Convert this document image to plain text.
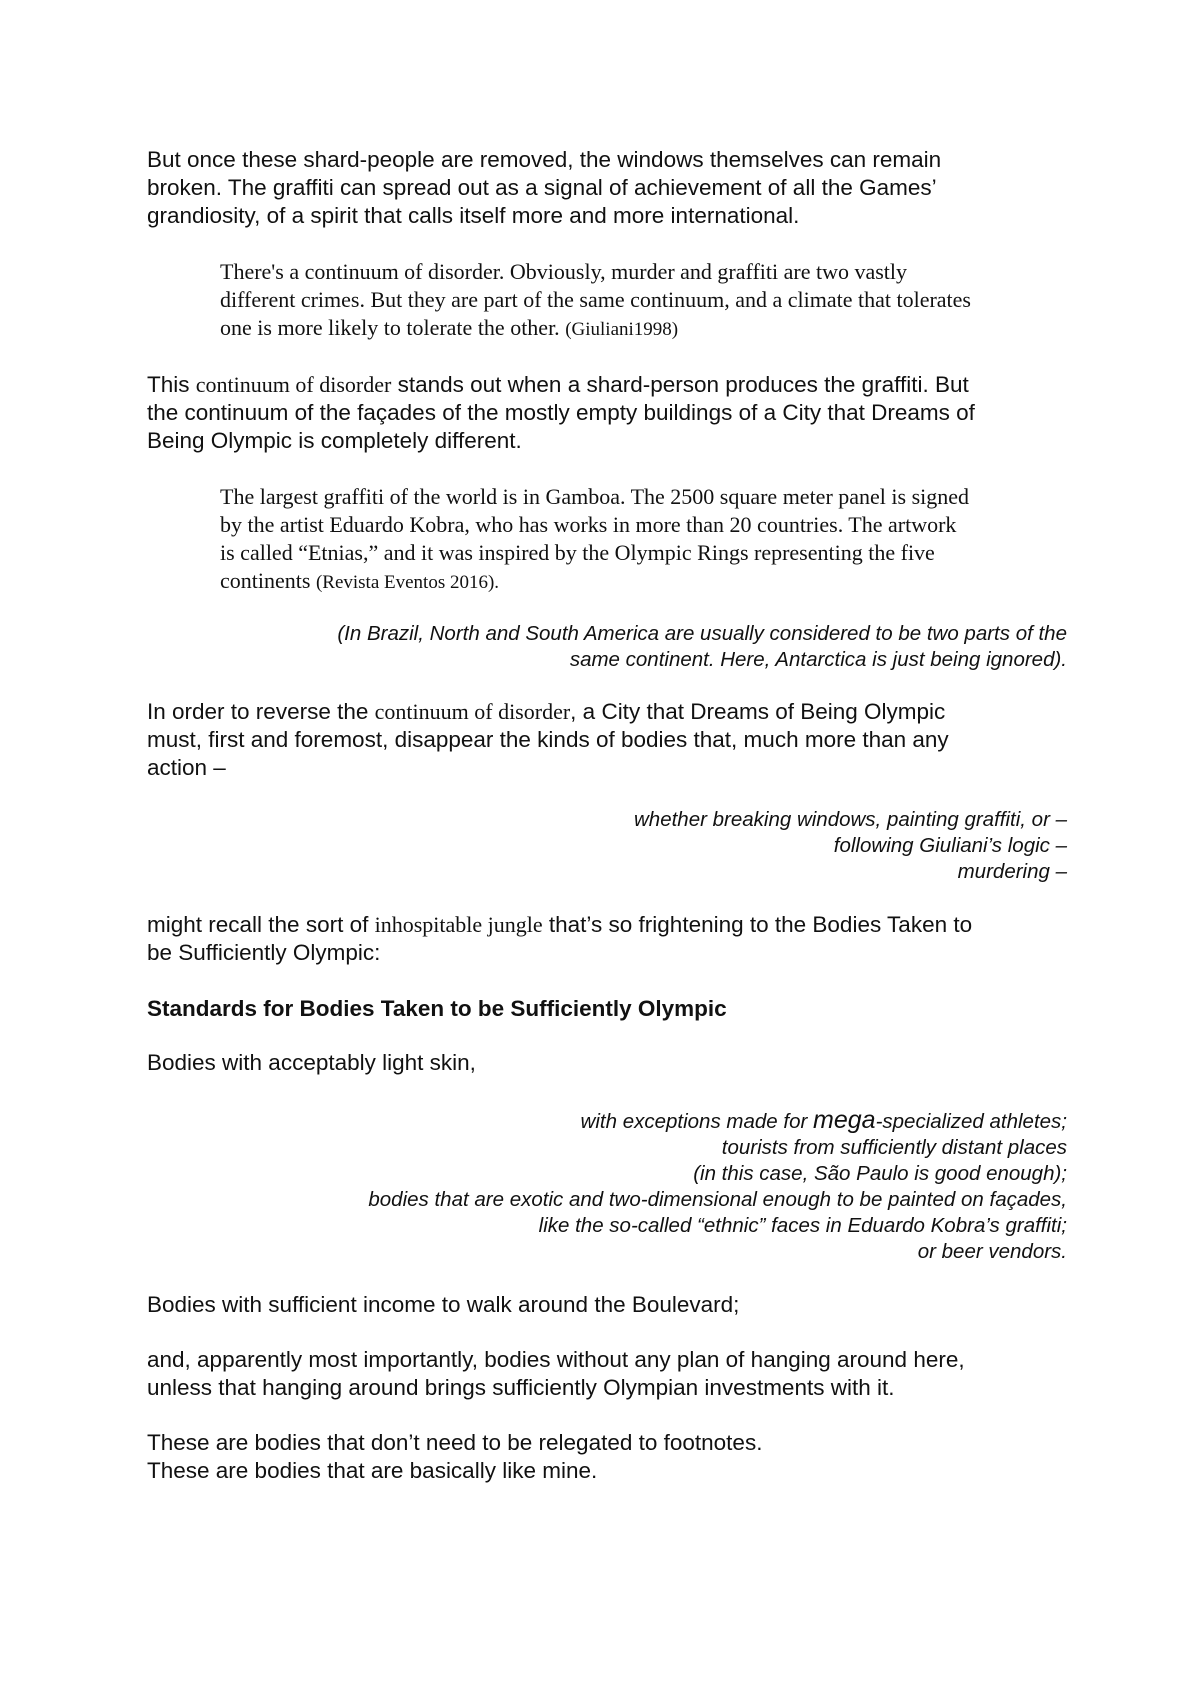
But once these shard-people are removed, the windows themselves can remain
broken. The graffiti can spread out as a signal of achievement of all the Games’
grandiosity, of a spirit that calls itself more and more international.

There's a continuum of disorder. Obviously, murder and graffiti are two vastly
different crimes. But they are part of the same continuum, and a climate that tolerates
one is more likely to tolerate the other. (Giuliani1998)

This continuum of disorder stands out when a shard-person produces the graffiti. But
the continuum of the façades of the mostly empty buildings of a City that Dreams of
Being Olympic is completely different.

The largest graffiti of the world is in Gamboa. The 2500 square meter panel is signed
by the artist Eduardo Kobra, who has works in more than 20 countries. The artwork
is called “Etnias,” and it was inspired by the Olympic Rings representing the five
continents (Revista Eventos 2016).
(In Brazil, North and South America are usually considered to be two parts of the
same continent. Here, Antarctica is just being ignored).

In order to reverse the continuum of disorder, a City that Dreams of Being Olympic
must, first and foremost, disappear the kinds of bodies that, much more than any
action –

whether breaking windows, painting graffiti, or –
following Giuliani’s logic –
murdering –

might recall the sort of inhospitable jungle that’s so frightening to the Bodies Taken to
be Sufficiently Olympic:

Standards for Bodies Taken to be Sufficiently Olympic

Bodies with acceptably light skin,

with exceptions made for mega-specialized athletes;
tourists from sufficiently distant places
(in this case, São Paulo is good enough);
bodies that are exotic and two-dimensional enough to be painted on façades,
like the so-called “ethnic” faces in Eduardo Kobra’s graffiti;
or beer vendors.

Bodies with sufficient income to walk around the Boulevard;

and, apparently most importantly, bodies without any plan of hanging around here,
unless that hanging around brings sufficiently Olympian investments with it.

These are bodies that don’t need to be relegated to footnotes.
These are bodies that are basically like mine.
